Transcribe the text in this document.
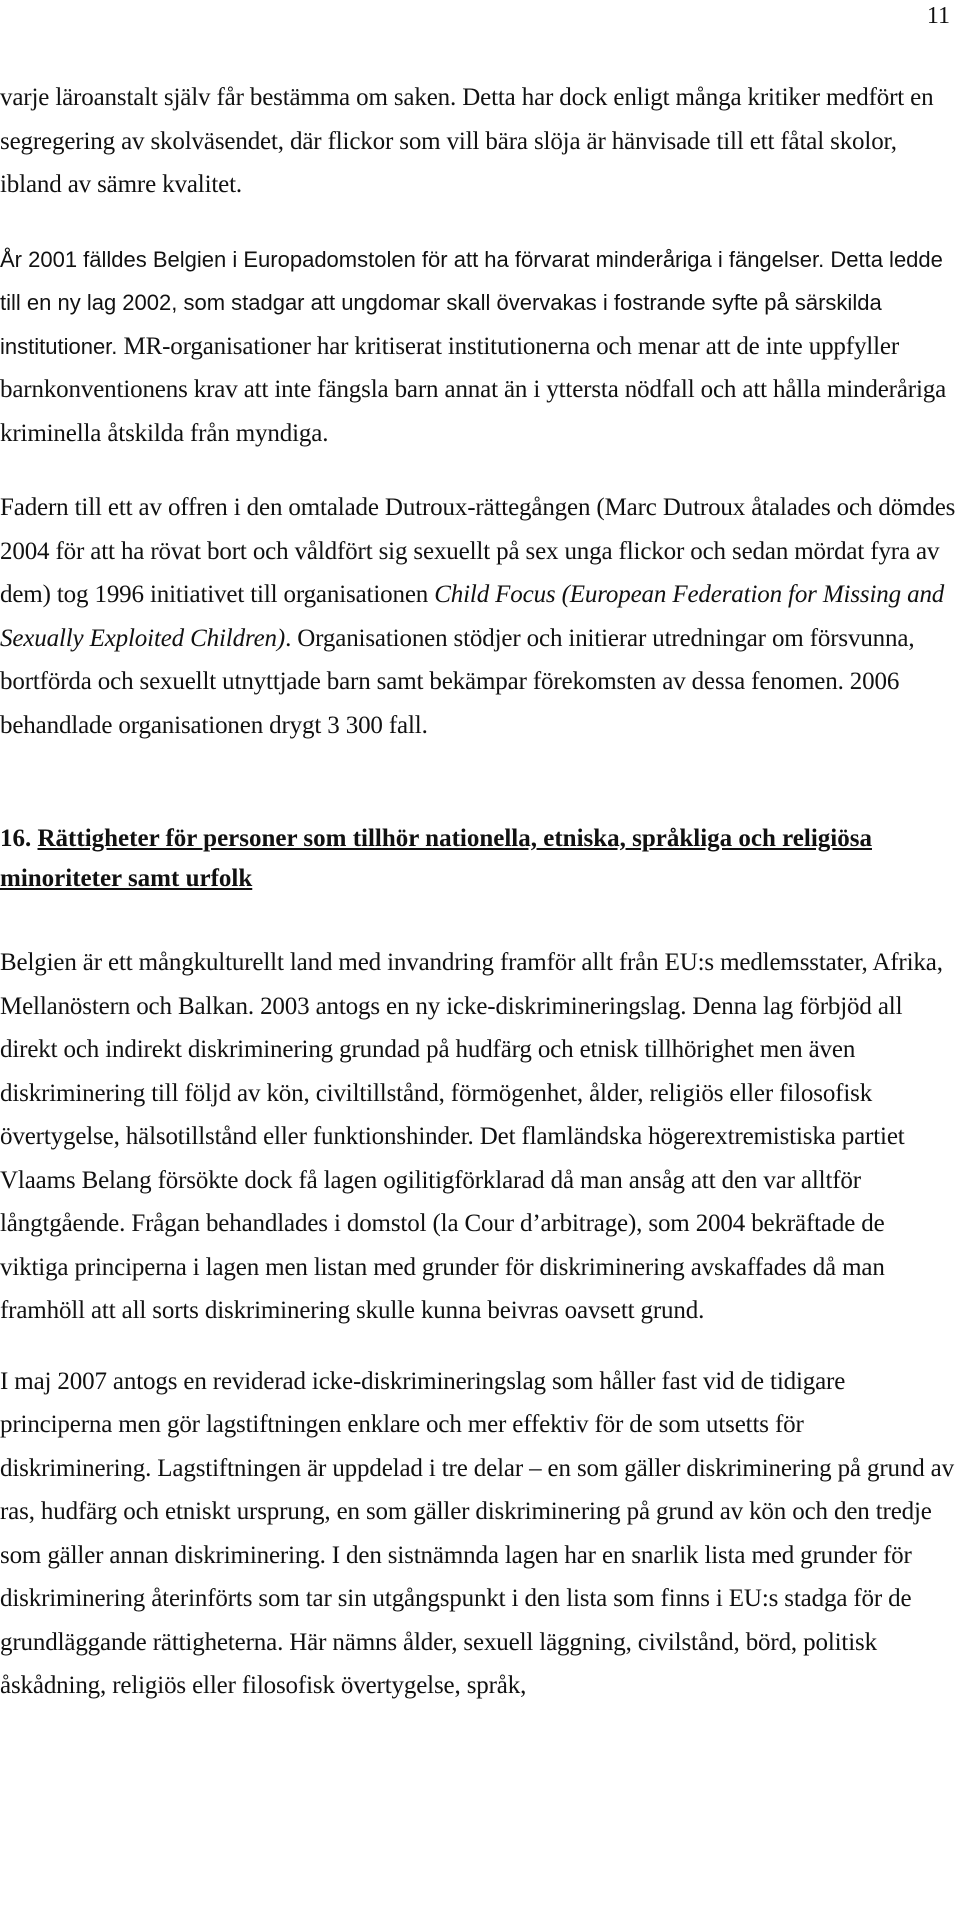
11

varje läroanstalt själv får bestämma om saken. Detta har dock enligt många kritiker medfört en segregering av skolväsendet, där flickor som vill bära slöja är hänvisade till ett fåtal skolor, ibland av sämre kvalitet.

År 2001 fälldes Belgien i Europadomstolen för att ha förvarat minderåriga i fängelser. Detta ledde till en ny lag 2002, som stadgar att ungdomar skall övervakas i fostrande syfte på särskilda institutioner. MR-organisationer har kritiserat institutionerna och menar att de inte uppfyller barnkonventionens krav att inte fängsla barn annat än i yttersta nödfall och att hålla minderåriga kriminella åtskilda från myndiga.

Fadern till ett av offren i den omtalade Dutroux-rättegången (Marc Dutroux åtalades och dömdes 2004 för att ha rövat bort och våldfört sig sexuellt på sex unga flickor och sedan mördat fyra av dem) tog 1996 initiativet till organisationen Child Focus (European Federation for Missing and Sexually Exploited Children). Organisationen stödjer och initierar utredningar om försvunna, bortförda och sexuellt utnyttjade barn samt bekämpar förekomsten av dessa fenomen. 2006 behandlade organisationen drygt 3 300 fall.

16. Rättigheter för personer som tillhör nationella, etniska, språkliga och religiösa minoriteter samt urfolk

Belgien är ett mångkulturellt land med invandring framför allt från EU:s medlemsstater, Afrika, Mellanöstern och Balkan. 2003 antogs en ny icke-diskrimineringslag. Denna lag förbjöd all direkt och indirekt diskriminering grundad på hudfärg och etnisk tillhörighet men även diskriminering till följd av kön, civiltillstånd, förmögenhet, ålder, religiös eller filosofisk övertygelse, hälsotillstånd eller funktionshinder. Det flamländska högerextremistiska partiet Vlaams Belang försökte dock få lagen ogilitigförklarad då man ansåg att den var alltför långtgående. Frågan behandlades i domstol (la Cour d’arbitrage), som 2004 bekräftade de viktiga principerna i lagen men listan med grunder för diskriminering avskaffades då man framhöll att all sorts diskriminering skulle kunna beivras oavsett grund.

I maj 2007 antogs en reviderad icke-diskrimineringslag som håller fast vid de tidigare principerna men gör lagstiftningen enklare och mer effektiv för de som utsetts för diskriminering. Lagstiftningen är uppdelad i tre delar – en som gäller diskriminering på grund av ras, hudfärg och etniskt ursprung, en som gäller diskriminering på grund av kön och den tredje som gäller annan diskriminering. I den sistnämnda lagen har en snarlik lista med grunder för diskriminering återinförts som tar sin utgångspunkt i den lista som finns i EU:s stadga för de grundläggande rättigheterna. Här nämns ålder, sexuell läggning, civilstånd, börd, politisk åskådning, religiös eller filosofisk övertygelse, språk,
